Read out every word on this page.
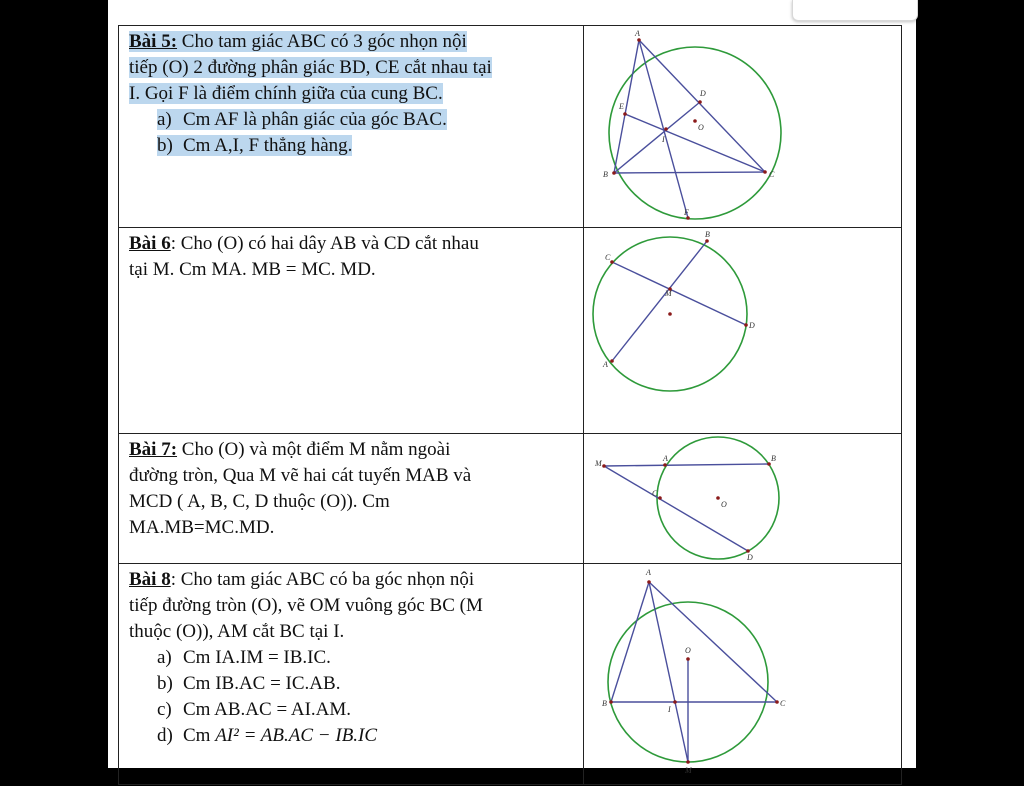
Bài 5: Cho tam giác ABC có 3 góc nhọn nội
tiếp (O) 2 đường phân giác BD, CE cắt nhau tại
I. Gọi F là điểm chính giữa của cung BC.
a) Cm AF là phân giác của góc BAC.
b) Cm A,I, F thẳng hàng.
A
B	C
D
E
I
O
F
Bài 6: Cho (O) có hai dây AB và CD cắt nhau
tại M. Cm MA. MB = MC. MD.
A
B
C
D
M
Bài 7: Cho (O) và một điểm M nằm ngoài
đường tròn, Qua M vẽ hai cát tuyến MAB và
MCD ( A, B, C, D thuộc (O)). Cm
MA.MB=MC.MD.
M
A	B
C
D
O
Bài 8: Cho tam giác ABC có ba góc nhọn nội
tiếp đường tròn (O), vẽ OM vuông góc BC (M
thuộc (O)), AM cắt BC tại I.
a) Cm IA.IM = IB.IC.
b) Cm IB.AC = IC.AB.
c) Cm AB.AC = AI.AM.
d) Cm AI² = AB.AC − IB.IC
A
B	C
O
I
M
